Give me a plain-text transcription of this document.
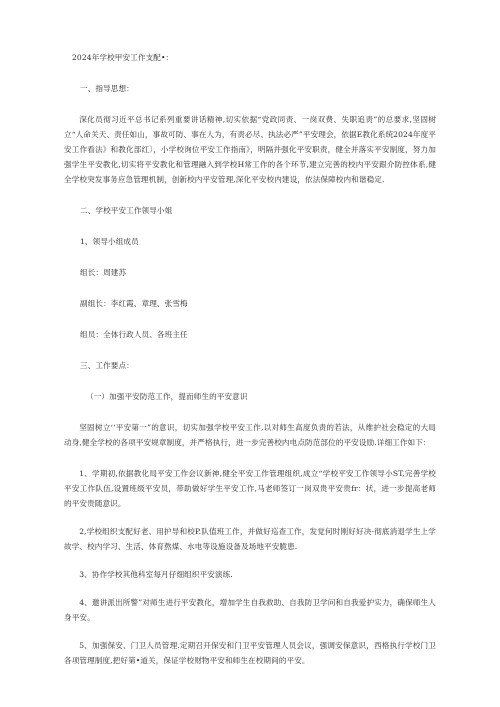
2024年学校甲安工作支配•：

一、指导思想：

深化员彻习近平总书记系列重要讲话精神,切实依据“党政同责、一岗双费、失职追责”的总要求,坚固树立“人命关天、责任如山，事故可防、事在人为，有责必尽、执法必严”平安理会，依据E教化系统2024年度平安工作看法》和教化部红〕，小学校询位平安工作指南》，明隔并强化平安职责，健全并落实平安制度，努力加强学生平安教化,切实将平安教化和管理融入到学校H常工作的各个环节,建立完善的校内平安跟介防控体系,健全学校突发事务应急管理机制，创新校内平安管理,深化平安校内建设，依法保障校内和谐稳定.

二、学校平安工作领导小姐

1、领导小组成员

组长：周建苏

副组长：李红霞、章理、张雪梅

组员：全体行政人员、各班主任

三、工作要点：

（一）加强平安防范工作，提而师生的平安意识

坚固树立‘‘平安第一”的意识，切实加强学校平安工作,以对师生高度负责的若法，从维护社会稳定的大局动身,健全学校的各项平安规章制度，并严格执行，进一步完善校内电点防范部位的平安设励.详细工作如下：

1、学期初,依据教化局平安工作会议新神,健全平安工作管理组织,成立“学校平安工作领导小ST,完善学校平安工作队伍,设置班级平安员，带助做好学生平安工作,马老师签订一岗双贵平安贵fr：状，进一步提高老师的平安贵随意识。

2,学校组织支配好老、用护导和校P.队值班工作，并做好巡查工作，发觉何时刚好好决-彻底消退学生上学故学、校内学习、生活、体育熬煤、水电等设施设备及场地平安脆患.

3、协作学校其他科室每月仔细组织平安演练.

4、邀讲派出所警”对师生进行平安教化，增加学生自我救助、自我防卫学问和自我爱护实力，确保师生人身平安。

5、加强保安、门卫人员管理.定期召开保安和门卫平安管理人员会议，强调安保意识，西格执行学校门卫各项管理制度,把好第•道关，保证学校财物平安和师生在校期间的平安。
